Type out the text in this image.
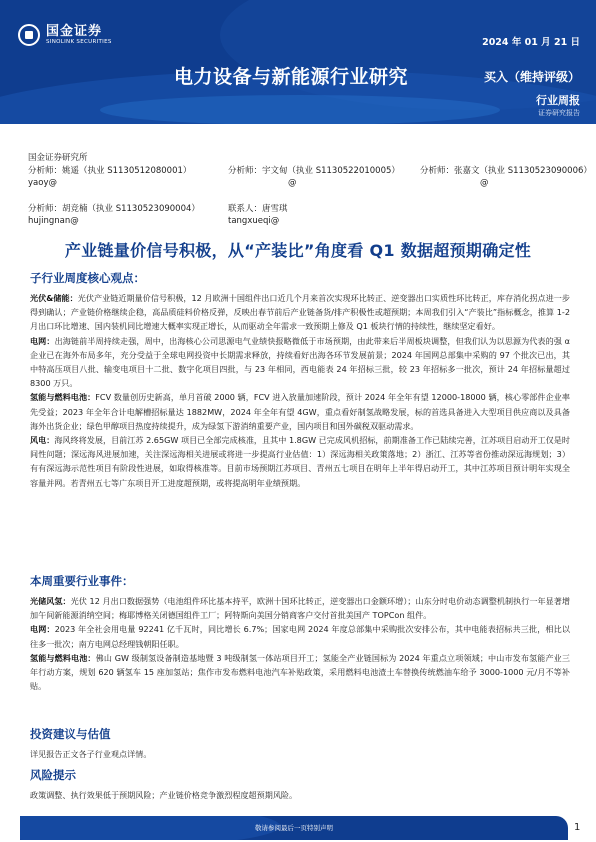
国金证券
SINOLINK SECURITIES	2024 年 01 月 21 日
电力设备与新能源行业研究	买入（维持评级）
行业周报
证券研究报告
国金证券研究所
分析师：姚遥（执业 S1130512080001）
yaoy@
分析师：宇文甸（执业 S1130522010005）
@
分析师：张嘉文（执业 S1130523090006）
@
分析师：胡竞楠（执业 S1130523090004）
hujingnan@
联系人：唐雪琪
tangxueqi@
产业链量价信号积极，从“产装比”角度看 Q1 数据超预期确定性
子行业周度核心观点：

光伏&储能：光伏产业链近期量价信号积极，12 月欧洲十国组件出口近几个月来首次实现环比转正、逆变器出口实质性环比转正，库存消化拐点进一步得到确认；产业链价格继续企稳，高品质硅料价格反弹，反映出春节前后产业链备货/排产积极性或超预期；本周我们引入“产装比”指标概念，推算 1-2 月出口环比增速、国内装机同比增速大概率实现正增长，从而驱动全年需求一致预期上修及 Q1 板块行情的持续性，继续坚定看好。

电网：出海链前半周持续走强，周中，出海核心公司思源电气业绩快报略微低于市场预期，由此带来后半周板块调整，但我们认为以思源为代表的强 α 企业已在海外布局多年，充分受益于全球电网投资中长期需求释放，持续看好出海各环节发展前景；2024 年国网总部集中采购的 97 个批次已出，其中特高压项目八批、输变电项目十二批、数字化项目四批，与 23 年相同，西电能表 24 年招标三批，较 23 年招标多一批次，预计 24 年招标量超过 8300 万只。

氢能与燃料电池：FCV 数量创历史新高，单月首破 2000 辆，FCV 进入放量加速阶段，预计 2024 年全年有望 12000-18000 辆，核心零部件企业率先受益；2023 年全年合计电解槽招标量达 1882MW，2024 年全年有望 4GW，重点看好制氢战略发展，标的首选具备进入大型项目供应商以及具备海外出货企业；绿色甲醇项目热度持续提升，成为绿氢下游消纳重要产业，国内项目和国外碳税双驱动需求。

风电：海风终将发展，目前江苏 2.65GW 项目已全部完成核准，且其中 1.8GW 已完成风机招标，前期准备工作已陆续完善，江苏项目启动开工仅是时间性问题；深远海风进展加速，关注深远海相关进展或将进一步提高行业估值：1）深远海相关政策落地；2）浙江、江苏等省份推动深远海规划；3）有有深远海示范性项目有阶段性进展，如取得核准等。目前市场预期江苏项目、青州五七项目在明年上半年得启动开工，其中江苏项目预计明年实现全容量并网。若青州五七等广东项目开工进度超预期，或将提高明年业绩预期。

本周重要行业事件：

光储风氢：光伏 12 月出口数据强势（电池组件环比基本持平，欧洲十国环比转正，逆变器出口金额环增）；山东分时电价动态调整机制执行一年显著增加午间新能源消纳空间；梅耶博格关闭德国组件工厂；阿特斯向美国分销商客户交付首批美国产 TOPCon 组件。

电网：2023 年全社会用电量 92241 亿千瓦时，同比增长 6.7%；国家电网 2024 年度总部集中采购批次安排公布，其中电能表招标共三批，相比以往多一批次；南方电网总经理钱朝阳任职。

氢能与燃料电池：佛山 GW 级制氢设备制造基地暨 3 吨级制氢一体站项目开工；氢能全产业链国标为 2024 年重点立项领域；中山市发布氢能产业三年行动方案，规划 620 辆氢车 15 座加氢站；焦作市发布燃料电池汽车补贴政策，采用燃料电池渣土车替换传统燃油车给予 3000-1000 元/月不等补贴。

投资建议与估值

详见报告正文各子行业观点详情。

风险提示

政策调整、执行效果低于预期风险；产业链价格竞争激烈程度超预期风险。

敬请参阅最后一页特别声明	1
